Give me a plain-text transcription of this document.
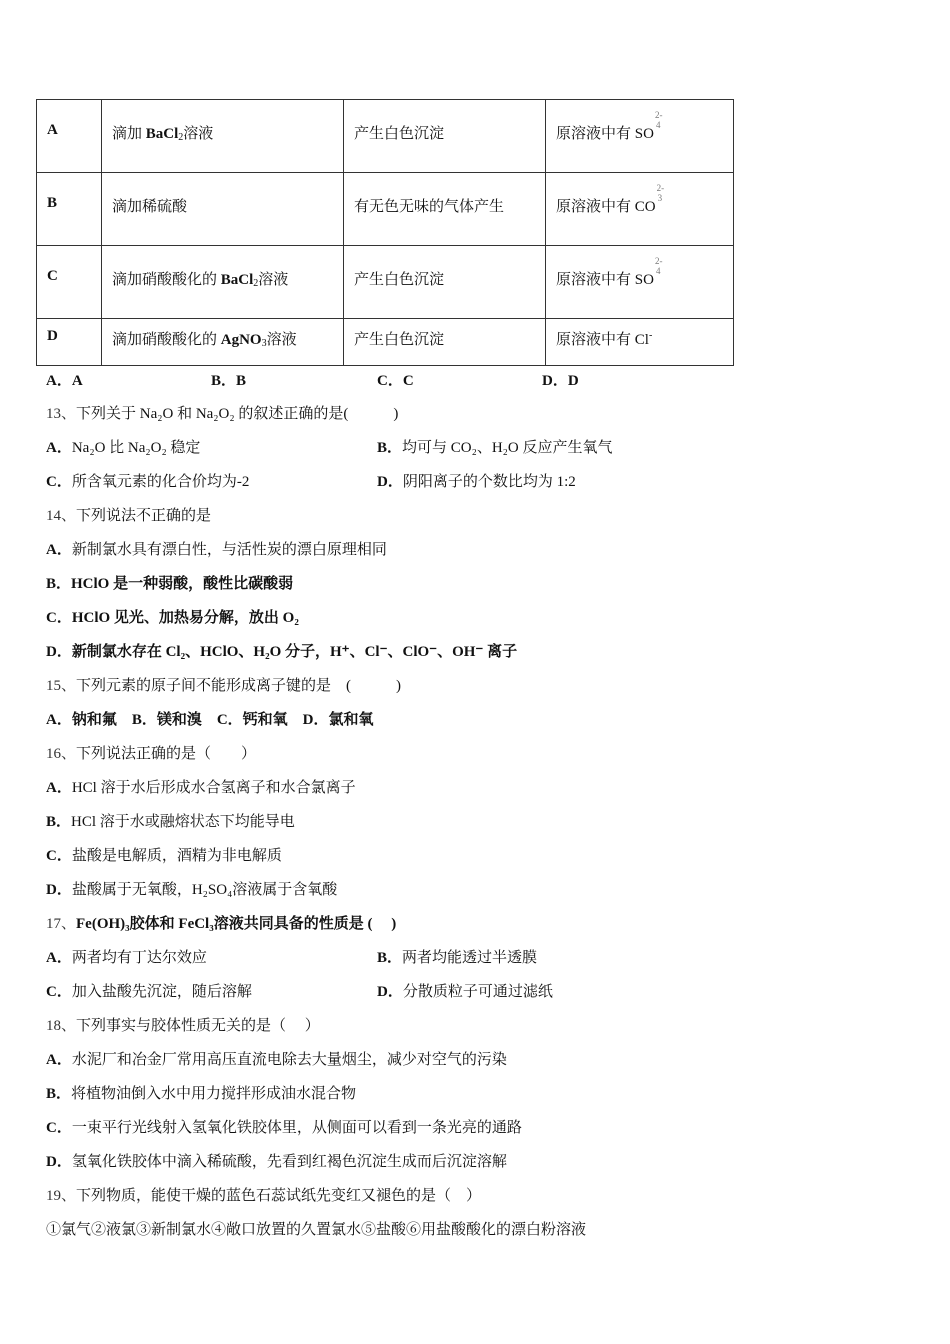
A	滴加 BaCl$_2$溶液	产生白色沉淀	原溶液中有 SO
2-
4

B	滴加稀硫酸	有无色无味的气体产生	原溶液中有 CO
2-
3

C	滴加硝酸酸化的 BaCl$_2$溶液	产生白色沉淀	原溶液中有 SO
2-
4

D	滴加硝酸酸化的 AgNO$_3$溶液	产生白色沉淀	原溶液中有 Cl-
A．A	B．B	C．C	D．D
13、下列关于 Na₂O 和 Na₂O₂ 的叙述正确的是(　　　)
A．Na₂O 比 Na₂O₂ 稳定	B．均可与 CO₂、H₂O 反应产生氧气
C．所含氧元素的化合价均为-2	D．阴阳离子的个数比均为 1:2
14、下列说法不正确的是
A．新制氯水具有漂白性，与活性炭的漂白原理相同
B．HClO 是一种弱酸，酸性比碳酸弱
C．HClO 见光、加热易分解，放出 O₂
D．新制氯水存在 Cl₂、HClO、H₂O 分子，H⁺、Cl⁻、ClO⁻、OH⁻ 离子
15、下列元素的原子间不能形成离子键的是　(　　　)
A．钠和氟　B．镁和溴　C．钙和氧　D．氯和氧
16、下列说法正确的是（　　）
A．HCl 溶于水后形成水合氢离子和水合氯离子
B．HCl 溶于水或融熔状态下均能导电
C．盐酸是电解质，酒精为非电解质
D．盐酸属于无氧酸，H₂SO₄溶液属于含氧酸
17、Fe(OH)₃胶体和 FeCl₃溶液共同具备的性质是 (　 )
A．两者均有丁达尔效应	B．两者均能透过半透膜
C．加入盐酸先沉淀，随后溶解	D．分散质粒子可通过滤纸
18、下列事实与胶体性质无关的是（　 ）
A．水泥厂和冶金厂常用高压直流电除去大量烟尘，减少对空气的污染
B．将植物油倒入水中用力搅拌形成油水混合物
C．一束平行光线射入氢氧化铁胶体里，从侧面可以看到一条光亮的通路
D．氢氧化铁胶体中滴入稀硫酸，先看到红褐色沉淀生成而后沉淀溶解
19、下列物质，能使干燥的蓝色石蕊试纸先变红又褪色的是（　）
①氯气②液氯③新制氯水④敞口放置的久置氯水⑤盐酸⑥用盐酸酸化的漂白粉溶液
